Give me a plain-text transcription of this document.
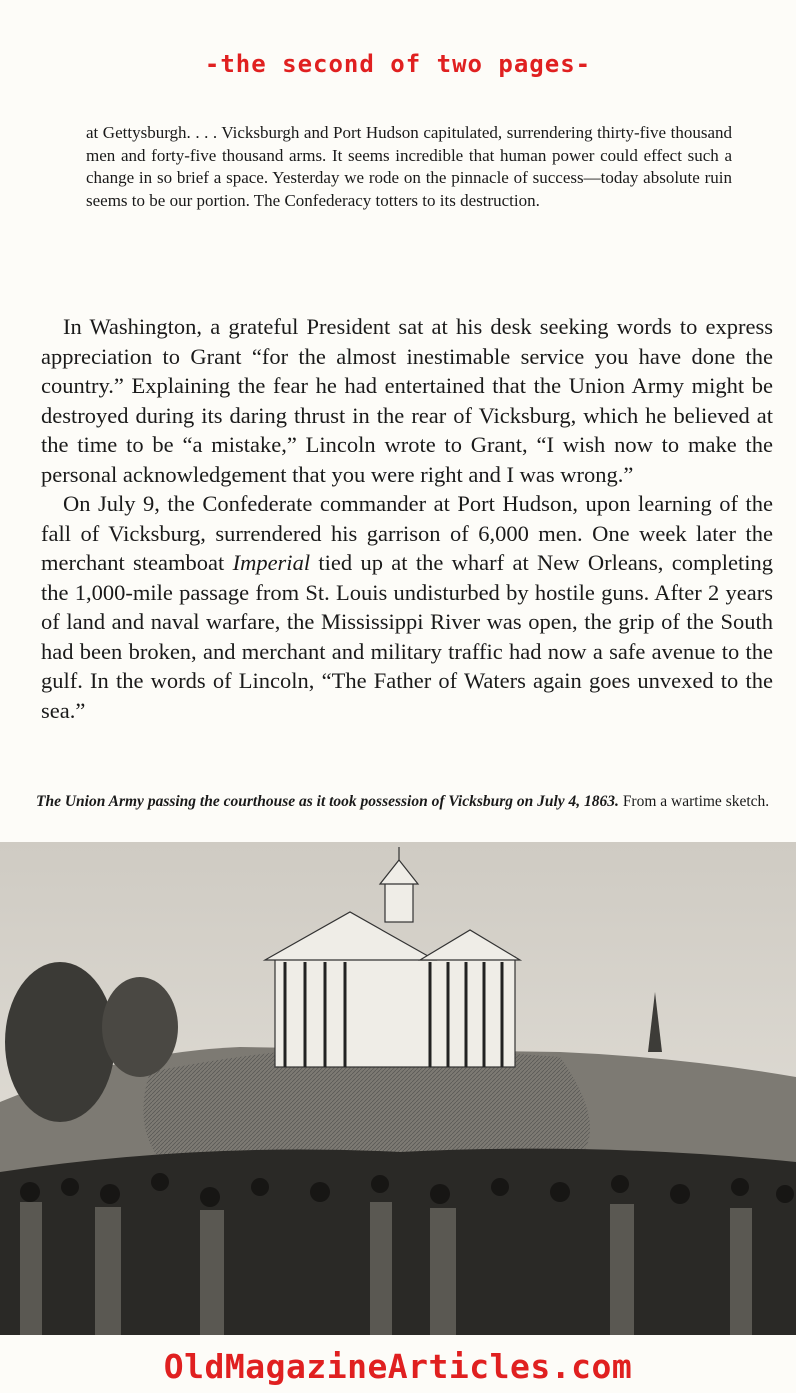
-the second of two pages-
at Gettysburgh. . . . Vicksburgh and Port Hudson capitulated, surrendering thirty-five thousand men and forty-five thousand arms. It seems incredible that human power could effect such a change in so brief a space. Yesterday we rode on the pinnacle of success—today absolute ruin seems to be our portion. The Confederacy totters to its destruction.

In Washington, a grateful President sat at his desk seeking words to express appreciation to Grant “for the almost inestimable service you have done the country.” Explaining the fear he had entertained that the Union Army might be destroyed during its daring thrust in the rear of Vicksburg, which he believed at the time to be “a mistake,” Lincoln wrote to Grant, “I wish now to make the personal acknowledgement that you were right and I was wrong.”

On July 9, the Confederate commander at Port Hudson, upon learning of the fall of Vicksburg, surrendered his garrison of 6,000 men. One week later the merchant steamboat Imperial tied up at the wharf at New Orleans, completing the 1,000-mile passage from St. Louis undisturbed by hostile guns. After 2 years of land and naval warfare, the Mississippi River was open, the grip of the South had been broken, and merchant and military traffic had now a safe avenue to the gulf. In the words of Lincoln, “The Father of Waters again goes unvexed to the sea.”

The Union Army passing the courthouse as it took possession of Vicksburg on July 4, 1863. From a wartime sketch.
OldMagazineArticles.com
